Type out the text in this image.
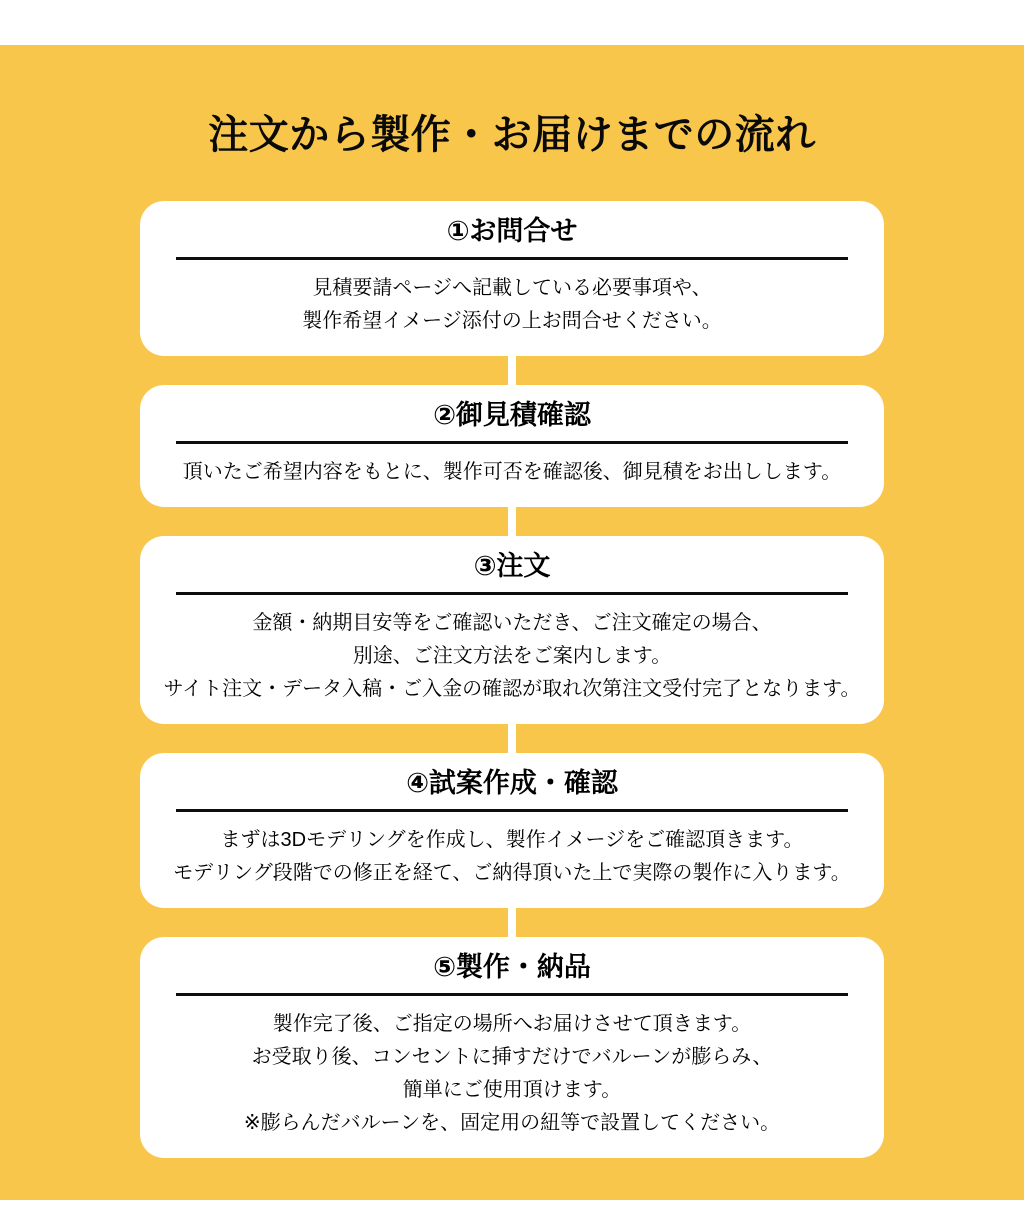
注文から製作・お届けまでの流れ
①お問合せ
見積要請ページへ記載している必要事項や、
製作希望イメージ添付の上お問合せください。
②御見積確認
頂いたご希望内容をもとに、製作可否を確認後、御見積をお出しします。
③注文
金額・納期目安等をご確認いただき、ご注文確定の場合、
別途、ご注文方法をご案内します。
サイト注文・データ入稿・ご入金の確認が取れ次第注文受付完了となります。
④試案作成・確認
まずは3Dモデリングを作成し、製作イメージをご確認頂きます。
モデリング段階での修正を経て、ご納得頂いた上で実際の製作に入ります。
⑤製作・納品
製作完了後、ご指定の場所へお届けさせて頂きます。
お受取り後、コンセントに挿すだけでバルーンが膨らみ、
簡単にご使用頂けます。
※膨らんだバルーンを、固定用の紐等で設置してください。
